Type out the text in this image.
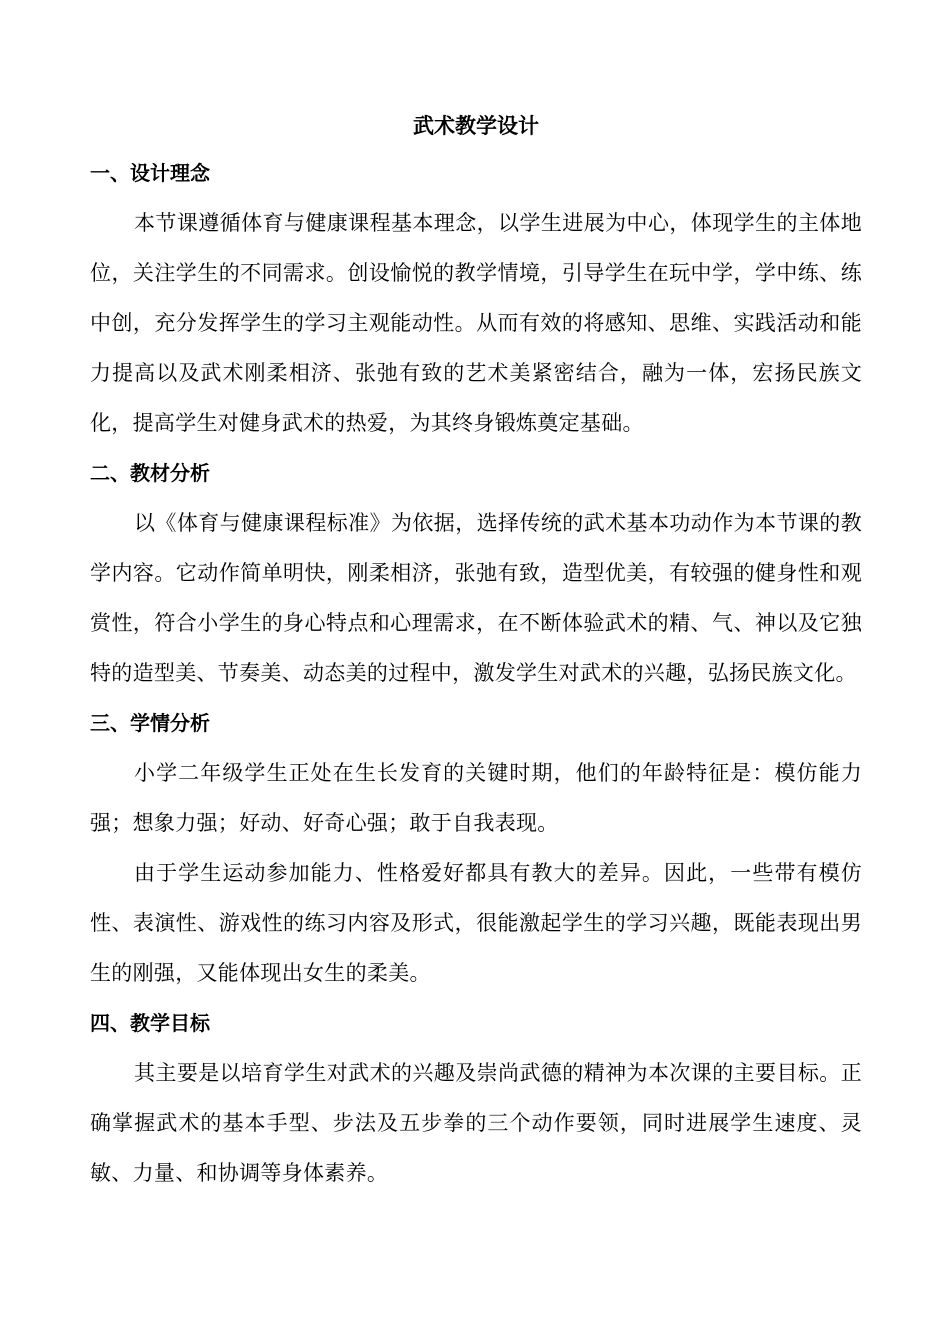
武术教学设计
一、设计理念

本节课遵循体育与健康课程基本理念，以学生进展为中心，体现学生的主体地位，关注学生的不同需求。创设愉悦的教学情境，引导学生在玩中学，学中练、练中创，充分发挥学生的学习主观能动性。从而有效的将感知、思维、实践活动和能力提高以及武术刚柔相济、张弛有致的艺术美紧密结合，融为一体，宏扬民族文化，提高学生对健身武术的热爱，为其终身锻炼奠定基础。

二、教材分析

以《体育与健康课程标准》为依据，选择传统的武术基本功动作为本节课的教学内容。它动作简单明快，刚柔相济，张弛有致，造型优美，有较强的健身性和观赏性，符合小学生的身心特点和心理需求，在不断体验武术的精、气、神以及它独特的造型美、节奏美、动态美的过程中，激发学生对武术的兴趣，弘扬民族文化。

三、学情分析

小学二年级学生正处在生长发育的关键时期，他们的年龄特征是：模仿能力强；想象力强；好动、好奇心强；敢于自我表现。

由于学生运动参加能力、性格爱好都具有教大的差异。因此，一些带有模仿性、表演性、游戏性的练习内容及形式，很能激起学生的学习兴趣，既能表现出男生的刚强，又能体现出女生的柔美。

四、教学目标

其主要是以培育学生对武术的兴趣及崇尚武德的精神为本次课的主要目标。正确掌握武术的基本手型、步法及五步拳的三个动作要领，同时进展学生速度、灵敏、力量、和协调等身体素养。
